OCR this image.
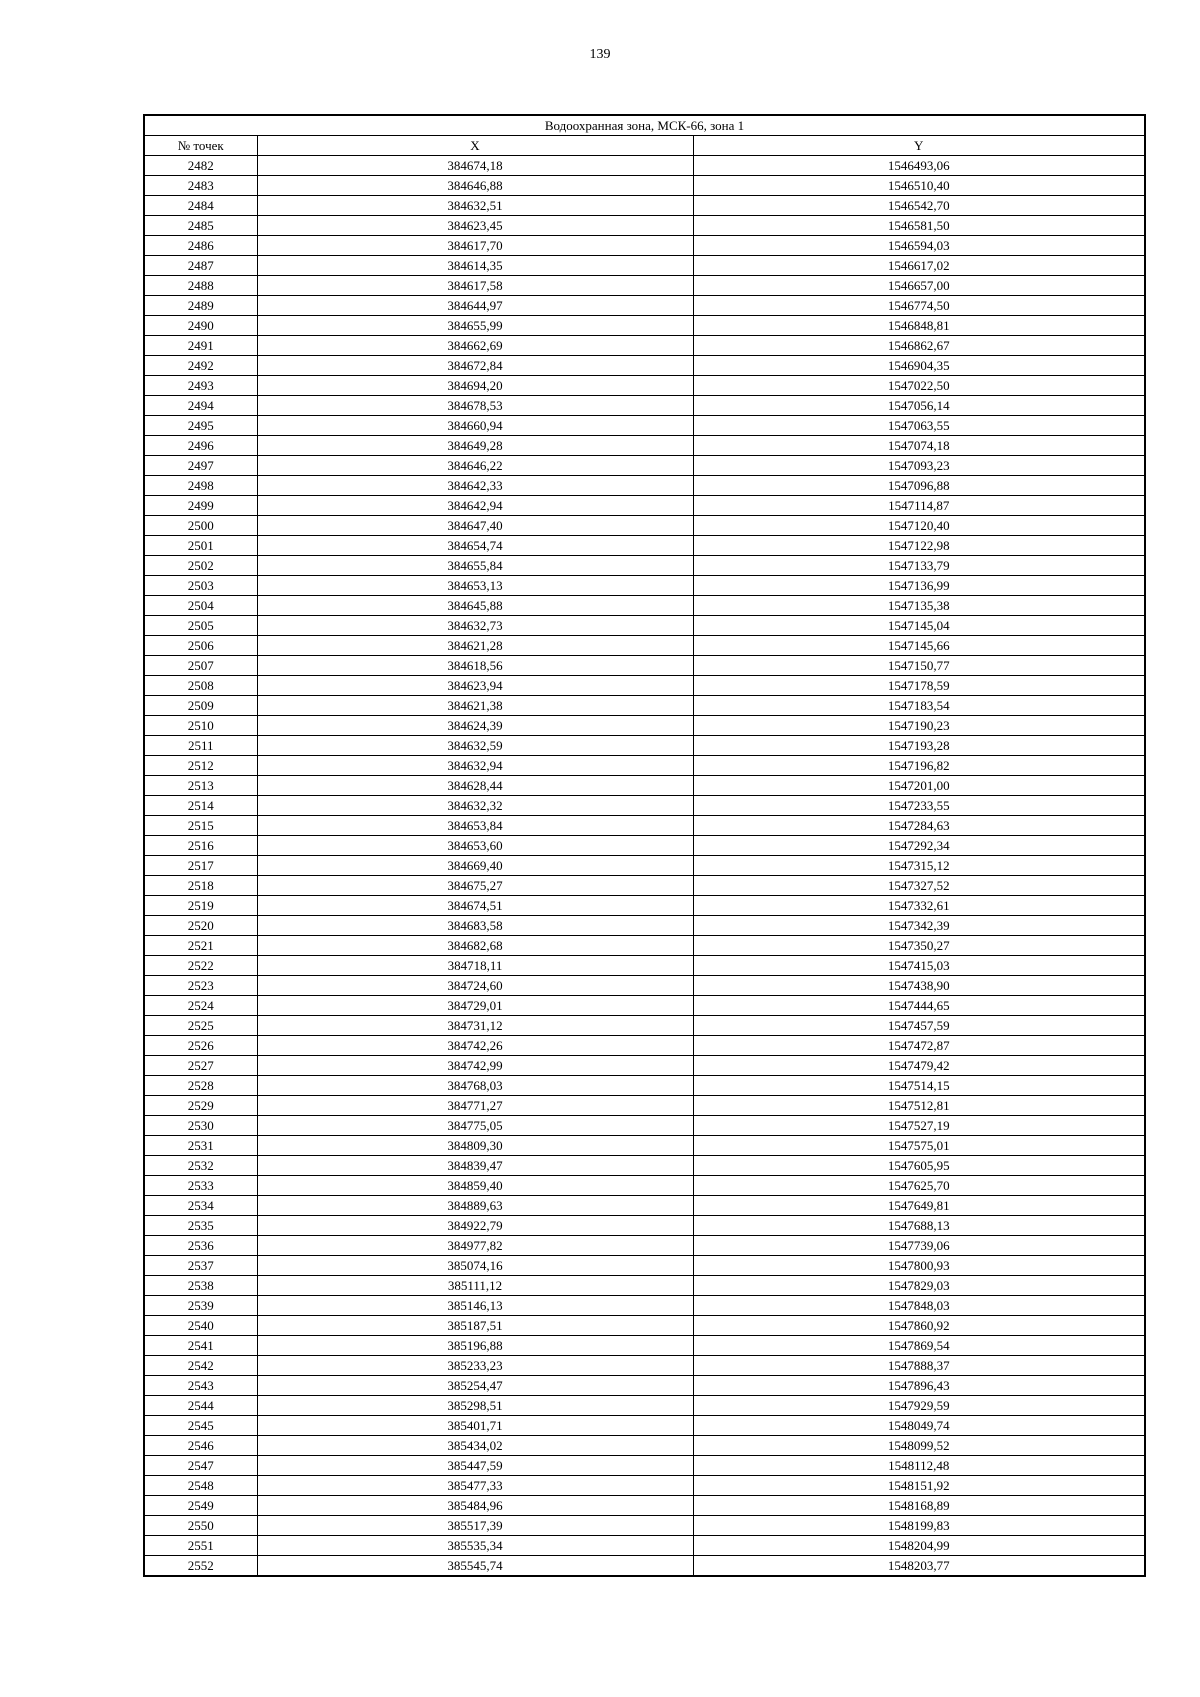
139
Водоохранная зона, МСК-66, зона 1		
№ точек	X	Y
2482	384674,18	1546493,06
2483	384646,88	1546510,40
2484	384632,51	1546542,70
2485	384623,45	1546581,50
2486	384617,70	1546594,03
2487	384614,35	1546617,02
2488	384617,58	1546657,00
2489	384644,97	1546774,50
2490	384655,99	1546848,81
2491	384662,69	1546862,67
2492	384672,84	1546904,35
2493	384694,20	1547022,50
2494	384678,53	1547056,14
2495	384660,94	1547063,55
2496	384649,28	1547074,18
2497	384646,22	1547093,23
2498	384642,33	1547096,88
2499	384642,94	1547114,87
2500	384647,40	1547120,40
2501	384654,74	1547122,98
2502	384655,84	1547133,79
2503	384653,13	1547136,99
2504	384645,88	1547135,38
2505	384632,73	1547145,04
2506	384621,28	1547145,66
2507	384618,56	1547150,77
2508	384623,94	1547178,59
2509	384621,38	1547183,54
2510	384624,39	1547190,23
2511	384632,59	1547193,28
2512	384632,94	1547196,82
2513	384628,44	1547201,00
2514	384632,32	1547233,55
2515	384653,84	1547284,63
2516	384653,60	1547292,34
2517	384669,40	1547315,12
2518	384675,27	1547327,52
2519	384674,51	1547332,61
2520	384683,58	1547342,39
2521	384682,68	1547350,27
2522	384718,11	1547415,03
2523	384724,60	1547438,90
2524	384729,01	1547444,65
2525	384731,12	1547457,59
2526	384742,26	1547472,87
2527	384742,99	1547479,42
2528	384768,03	1547514,15
2529	384771,27	1547512,81
2530	384775,05	1547527,19
2531	384809,30	1547575,01
2532	384839,47	1547605,95
2533	384859,40	1547625,70
2534	384889,63	1547649,81
2535	384922,79	1547688,13
2536	384977,82	1547739,06
2537	385074,16	1547800,93
2538	385111,12	1547829,03
2539	385146,13	1547848,03
2540	385187,51	1547860,92
2541	385196,88	1547869,54
2542	385233,23	1547888,37
2543	385254,47	1547896,43
2544	385298,51	1547929,59
2545	385401,71	1548049,74
2546	385434,02	1548099,52
2547	385447,59	1548112,48
2548	385477,33	1548151,92
2549	385484,96	1548168,89
2550	385517,39	1548199,83
2551	385535,34	1548204,99
2552	385545,74	1548203,77
